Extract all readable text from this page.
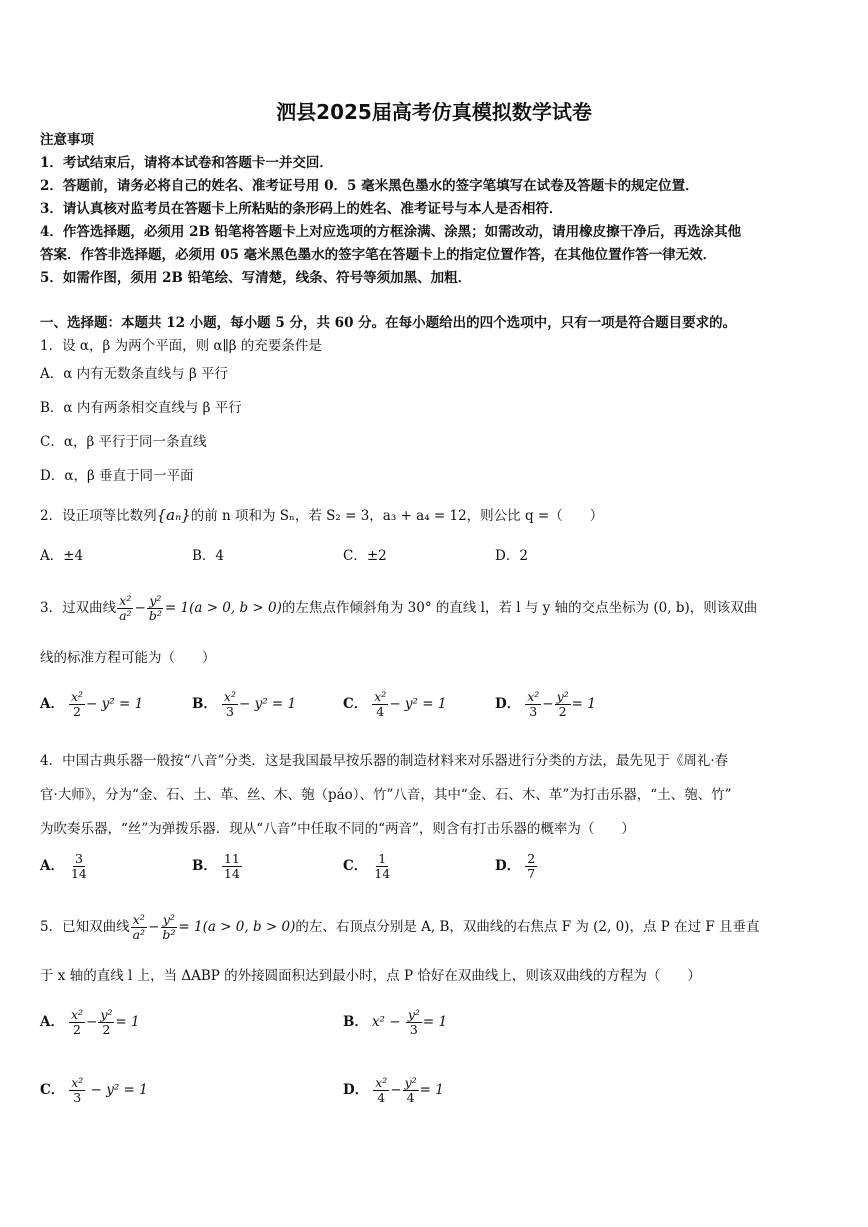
泗县2025届高考仿真模拟数学试卷
注意事项
1．考试结束后，请将本试卷和答题卡一并交回．
2．答题前，请务必将自己的姓名、准考证号用 0．5 毫米黑色墨水的签字笔填写在试卷及答题卡的规定位置．
3．请认真核对监考员在答题卡上所粘贴的条形码上的姓名、准考证号与本人是否相符．
4．作答选择题，必须用 2B 铅笔将答题卡上对应选项的方框涂满、涂黑；如需改动，请用橡皮擦干净后，再选涂其他
答案．作答非选择题，必须用 05 毫米黑色墨水的签字笔在答题卡上的指定位置作答，在其他位置作答一律无效．
5．如需作图，须用 2B 铅笔绘、写清楚，线条、符号等须加黑、加粗．
一、选择题：本题共 12 小题，每小题 5 分，共 60 分。在每小题给出的四个选项中，只有一项是符合题目要求的。
1．设 α，β 为两个平面，则 α∥β 的充要条件是
A．α 内有无数条直线与 β 平行
B．α 内有两条相交直线与 β 平行
C．α，β 平行于同一条直线
D．α，β 垂直于同一平面
2．设正项等比数列{aₙ}的前 n 项和为 Sₙ，若 S₂ = 3，a₃ + a₄ = 12，则公比 q =（　　）
A．±4	B．4	C．±2	D．2
3．过双曲线 $\frac{\text{x²}}{\text{a²}} - \frac{\text{y²}}{\text{b²}} = 1(a > 0$, b > 0)的左焦点作倾斜角为 30° 的直线 l，若 l 与 y 轴的交点坐标为 (0, b)，则该双曲
线的标准方程可能为（　　）
A． $\frac{\text{x²}}{2} - y^2 = 1$	B． $\frac{\text{x²}}{3} - y^2 = 1$	C． $\frac{\text{x²}}{4} - y^2 = 1$	D． $\frac{\text{x²}}{3} - \frac{\text{y²}}{2} = 1$
4．中国古典乐器一般按“八音”分类．这是我国最早按乐器的制造材料来对乐器进行分类的方法，最先见于《周礼·春
官·大师》，分为“金、石、土、革、丝、木、匏（páo）、竹”八音，其中“金、石、木、革”为打击乐器，“土、匏、竹”
为吹奏乐器，“丝”为弹拨乐器．现从“八音”中任取不同的“两音”，则含有打击乐器的概率为（　　）
A． $\frac{3}{14}$	B． $\frac{11}{14}$	C． $\frac{1}{14}$	D． $\frac{2}{7}$
5．已知双曲线 $\frac{\text{x²}}{\text{a²}} - \frac{\text{y²}}{\text{b²}} = 1(a > 0$, b > 0)的左、右顶点分别是 A, B，双曲线的右焦点 F 为 (2, 0)，点 P 在过 F 且垂直
于 x 轴的直线 l 上，当 ΔABP 的外接圆面积达到最小时，点 P 恰好在双曲线上，则该双曲线的方程为（　　）
A． $\frac{\text{x²}}{2} - \frac{\text{y²}}{2} = 1$	B． $x^2 - \frac{\text{y²}}{3} = 1$
C． $\frac{\text{x²}}{3} - y^2 = 1$	D． $\frac{\text{x²}}{4} - \frac{\text{y²}}{4} = 1$
